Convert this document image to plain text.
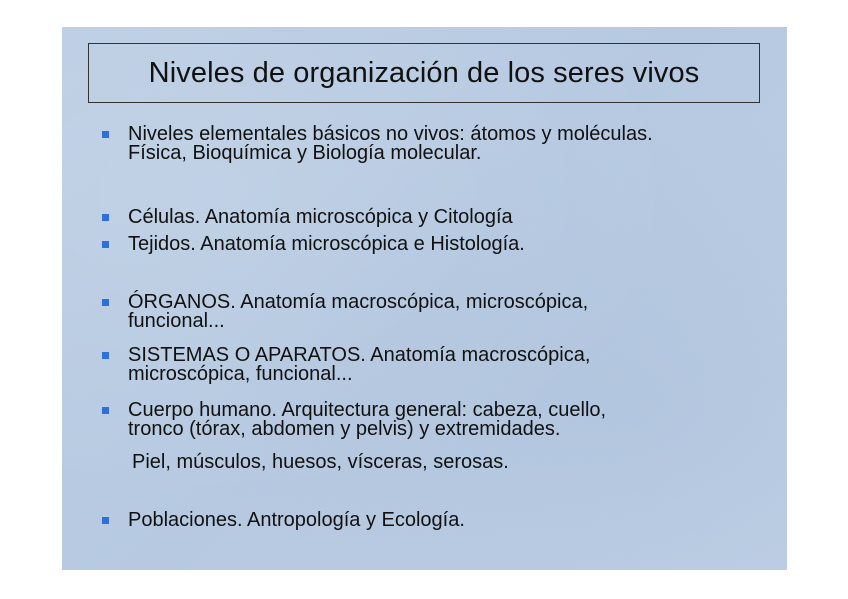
Niveles de organización de los seres vivos
Niveles elementales básicos no vivos: átomos y moléculas.
Física, Bioquímica y Biología molecular.
Células. Anatomía microscópica y Citología
Tejidos. Anatomía microscópica e Histología.
ÓRGANOS. Anatomía macroscópica, microscópica,
funcional...
SISTEMAS O APARATOS. Anatomía macroscópica,
microscópica, funcional...
Cuerpo humano. Arquitectura general: cabeza, cuello,
tronco (tórax, abdomen y pelvis) y extremidades.
Piel, músculos, huesos, vísceras, serosas.
Poblaciones. Antropología y Ecología.
